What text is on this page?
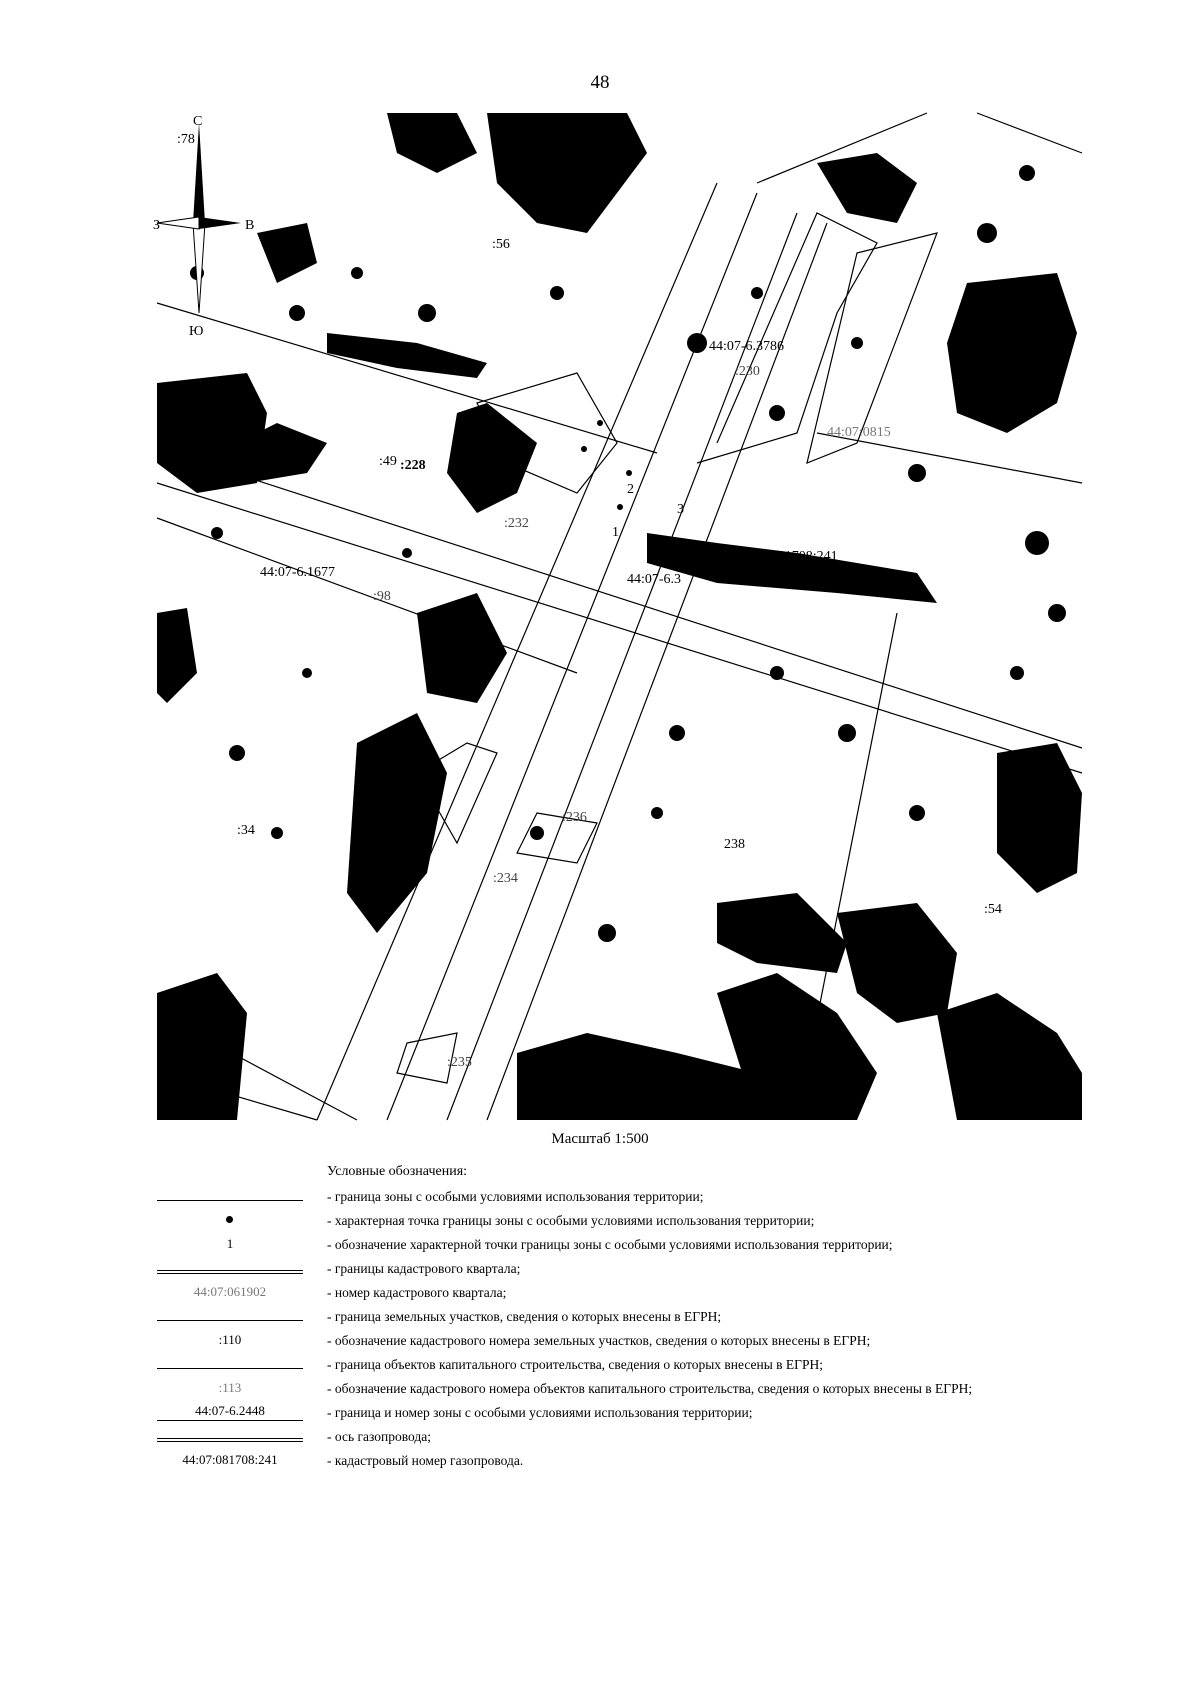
48
С
Ю
В
З
:78
:56
12
44:07-6.3786
:230
44:07:0815
:49 :228
:232
44:07-6.1677
:98
44:07-6.3
44:07:081708:241
:34
:236
238
:234
:54
:235
1
2
3
4
Масштаб 1:500
Условные обозначения:
- граница зоны с особыми условиями использования территории;
- характерная точка границы зоны с особыми условиями использования территории;
1	- обозначение характерной точки границы зоны с особыми условиями использования территории;
- границы кадастрового квартала;
44:07:061902	- номер кадастрового квартала;
- граница земельных участков, сведения о которых внесены в ЕГРН;
:110	- обозначение кадастрового номера земельных участков, сведения о которых внесены в ЕГРН;
- граница объектов капитального строительства, сведения о которых внесены в ЕГРН;
:113	- обозначение кадастрового номера объектов капитального строительства, сведения о которых внесены в ЕГРН;
44:07-6.2448	- граница и номер зоны с особыми условиями использования территории;
- ось газопровода;
44:07:081708:241	- кадастровый номер газопровода.
